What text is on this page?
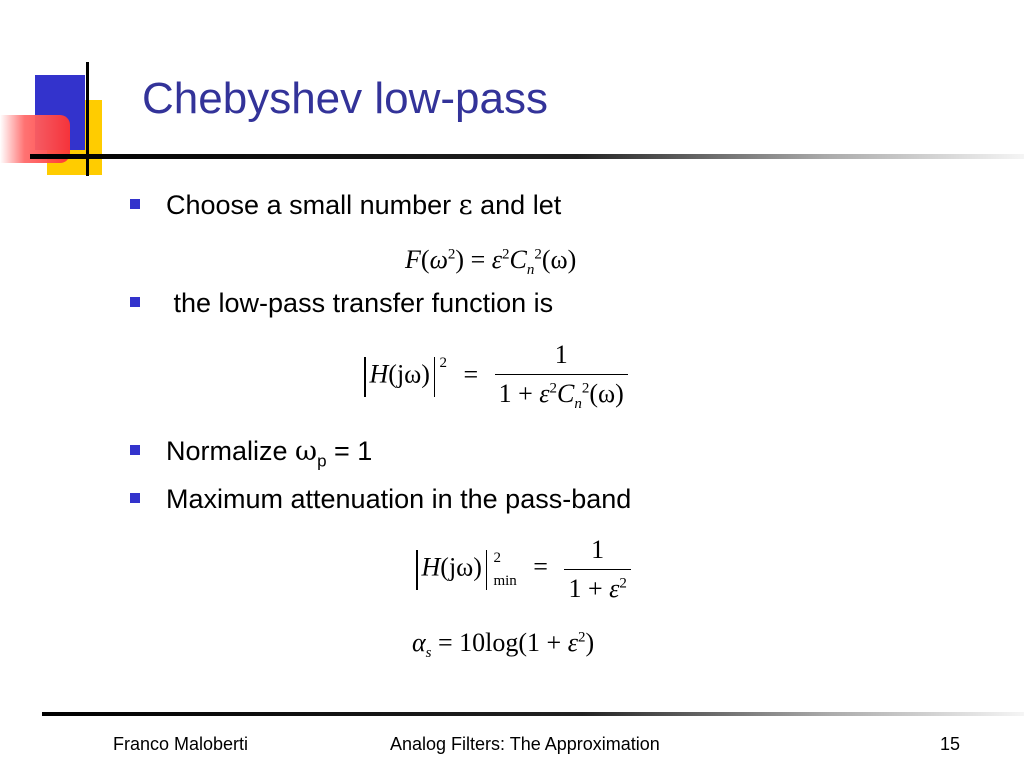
Chebyshev low-pass
Choose a small number ε and let
$F(\omega^2) = \varepsilon^2C_n^2(\omega)$
the low-pass transfer function is
H(jω) $^2 = \frac{1}{1 + \varepsilon^2C_n^2(\omega)}$
Normalize $\omega_p = 1$
Maximum attenuation in the pass-band
H(jω) 2
$\min = \frac{1}{1 + \varepsilon^2}$
$\alpha_s = 10\log(1 + \varepsilon^2)$
Franco Maloberti	Analog Filters: The Approximation	15
